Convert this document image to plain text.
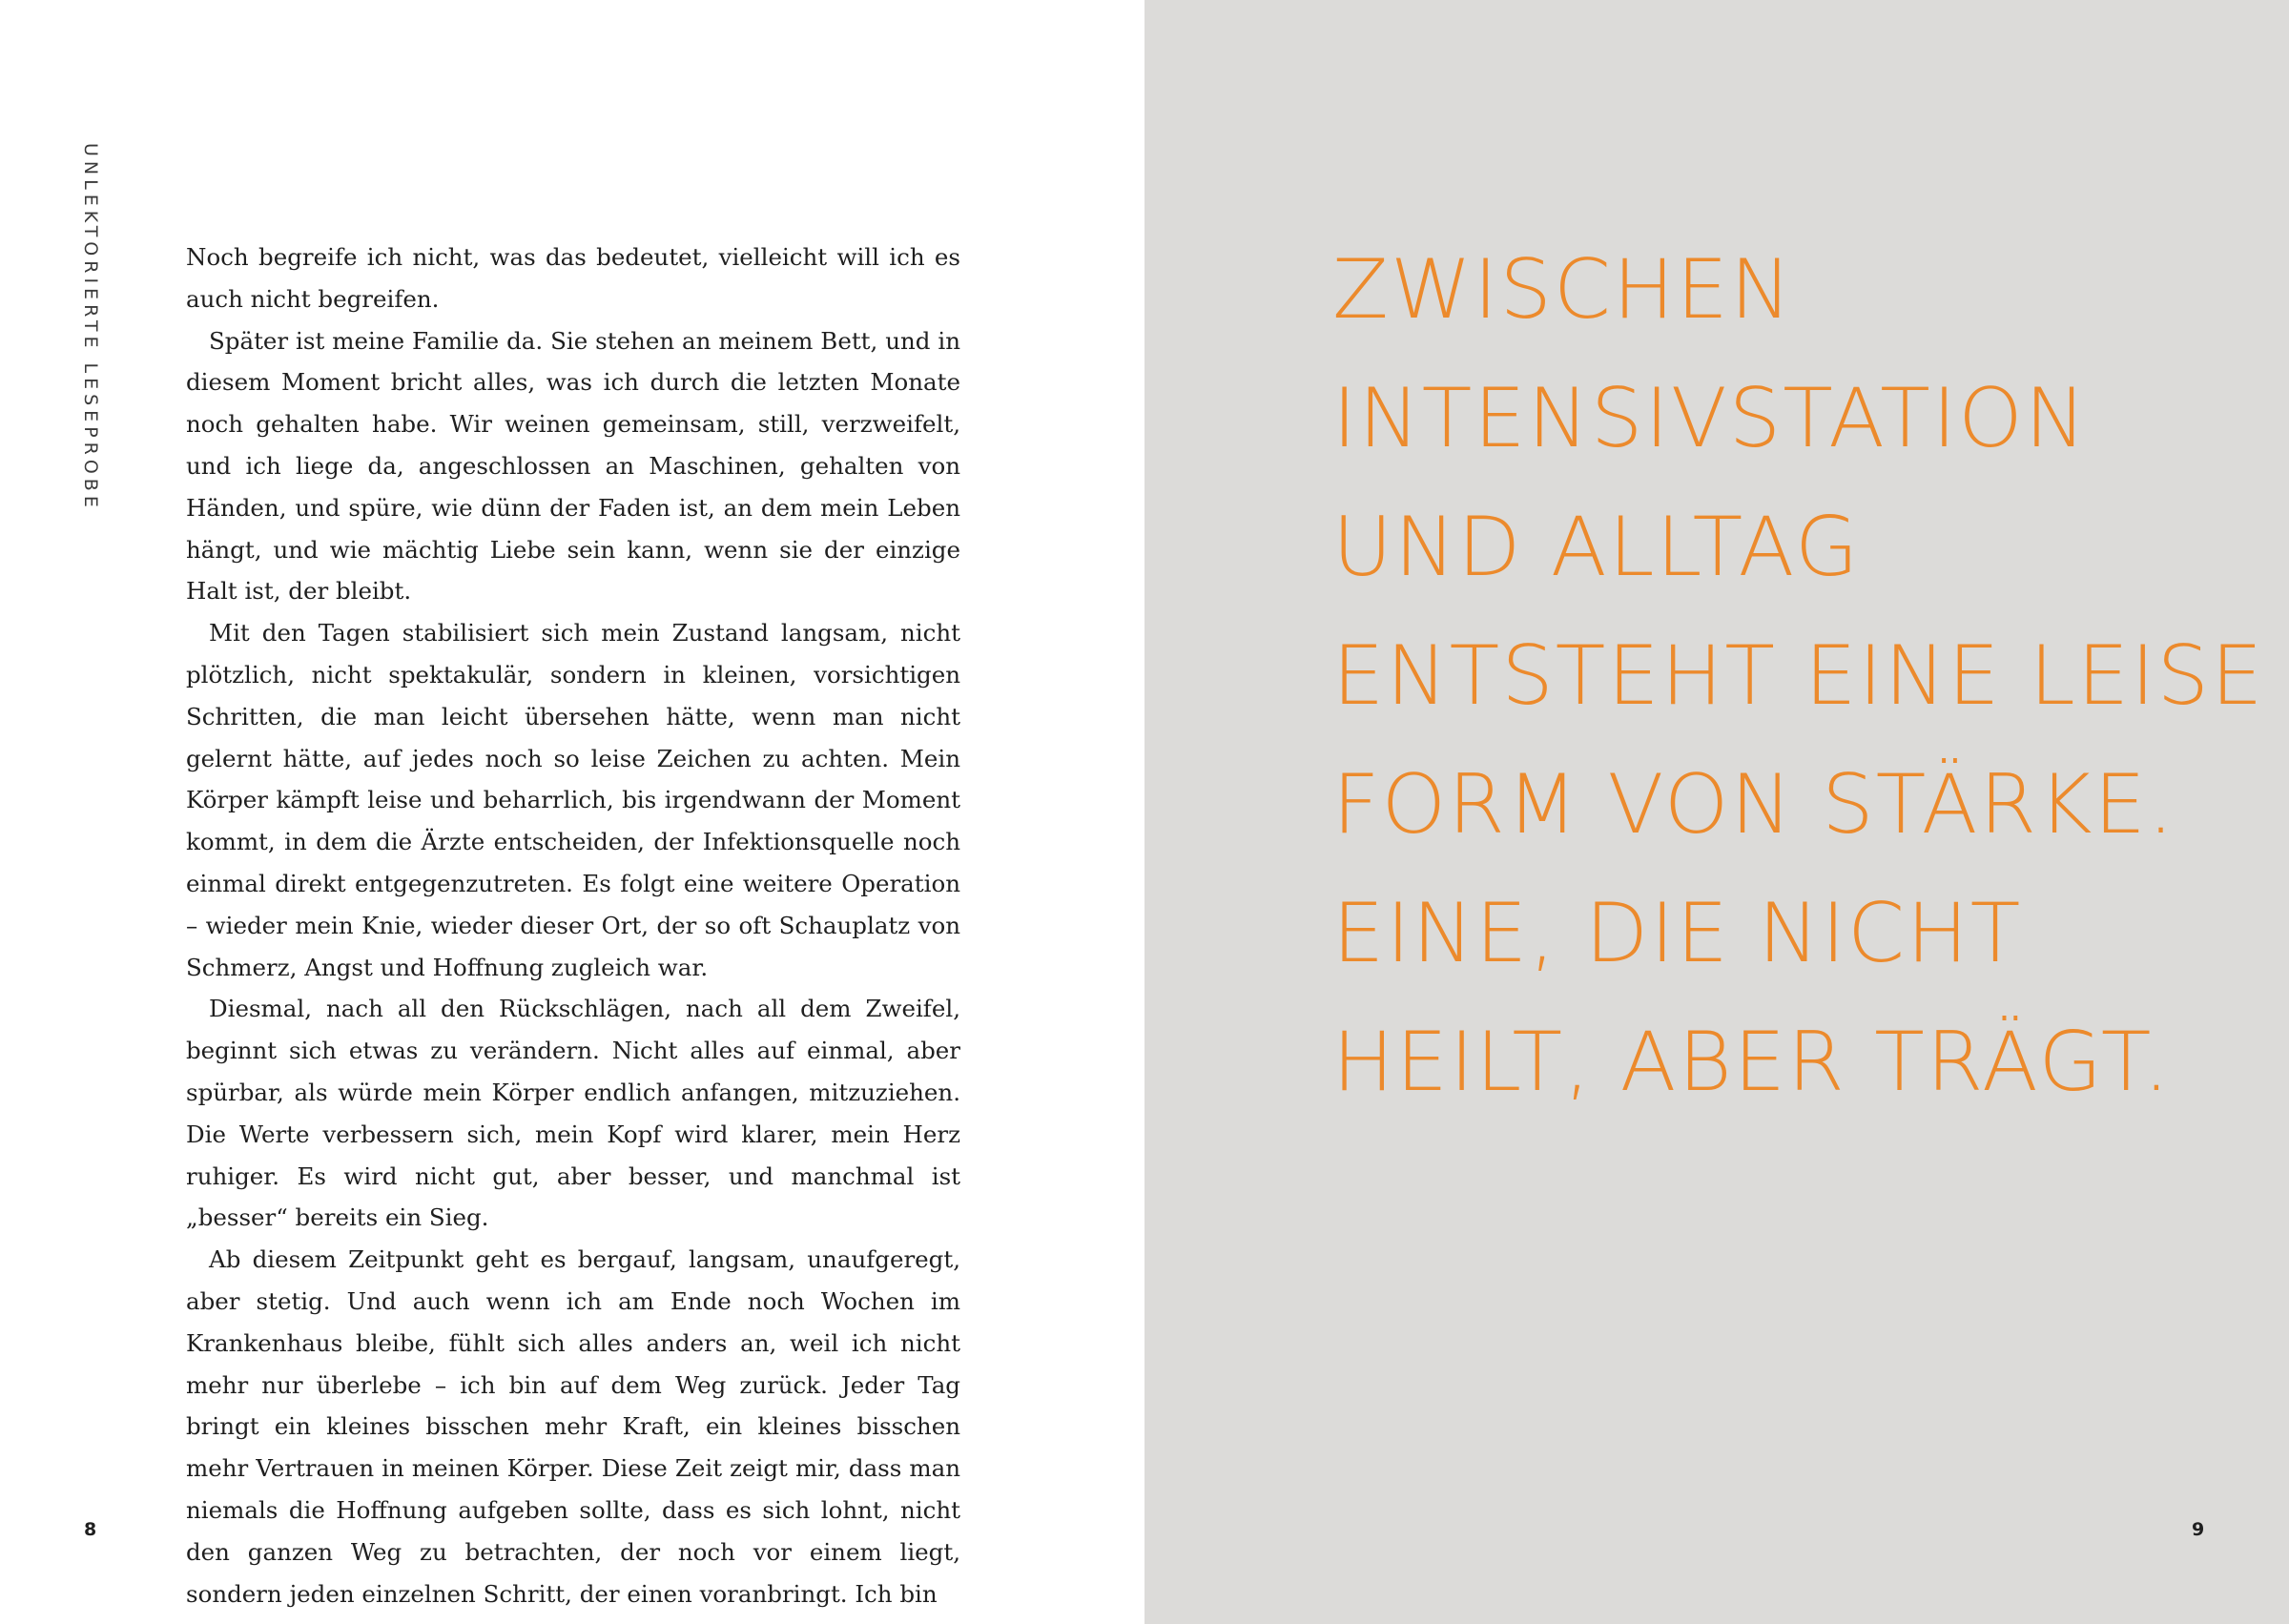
UNLEKTORIERTE LESEPROBE	Noch begreife ich nicht, was das bedeutet, vielleicht will ich es auch nicht begreifen.

Später ist meine Familie da. Sie stehen an meinem Bett, und in diesem Moment bricht alles, was ich durch die letzten Monate noch gehalten habe. Wir weinen gemeinsam, still, verzweifelt, und ich liege da, angeschlossen an Maschinen, gehalten von Händen, und spüre, wie dünn der Faden ist, an dem mein Leben hängt, und wie mächtig Liebe sein kann, wenn sie der einzige Halt ist, der bleibt.

Mit den Tagen stabilisiert sich mein Zustand langsam, nicht plötzlich, nicht spektakulär, sondern in kleinen, vorsichtigen Schritten, die man leicht übersehen hätte, wenn man nicht gelernt hätte, auf jedes noch so leise Zeichen zu achten. Mein Körper kämpft leise und beharrlich, bis irgendwann der Moment kommt, in dem die Ärzte entscheiden, der Infektionsquelle noch einmal direkt entgegenzutreten. Es folgt eine weitere Operation – wieder mein Knie, wieder dieser Ort, der so oft Schauplatz von Schmerz, Angst und Hoffnung zugleich war.

Diesmal, nach all den Rückschlägen, nach all dem Zweifel, beginnt sich etwas zu verändern. Nicht alles auf einmal, aber spürbar, als würde mein Körper endlich anfangen, mitzuziehen. Die Werte verbessern sich, mein Kopf wird klarer, mein Herz ruhiger. Es wird nicht gut, aber besser, und manchmal ist „besser“ bereits ein Sieg.

Ab diesem Zeitpunkt geht es bergauf, langsam, unaufgeregt, aber stetig. Und auch wenn ich am Ende noch Wochen im Krankenhaus bleibe, fühlt sich alles anders an, weil ich nicht mehr nur überlebe – ich bin auf dem Weg zurück. Jeder Tag bringt ein kleines bisschen mehr Kraft, ein kleines bisschen mehr Vertrauen in meinen Körper. Diese Zeit zeigt mir, dass man niemals die Hoffnung aufgeben sollte, dass es sich lohnt, nicht den ganzen Weg zu betrachten, der noch vor einem liegt, sondern jeden einzelnen Schritt, der einen voranbringt. Ich bin

8	9
ZWISCHEN
INTENSIVSTATION
UND ALLTAG
ENTSTEHT EINE LEISE
FORM VON STÄRKE.
EINE, DIE NICHT
HEILT, ABER TRÄGT.
